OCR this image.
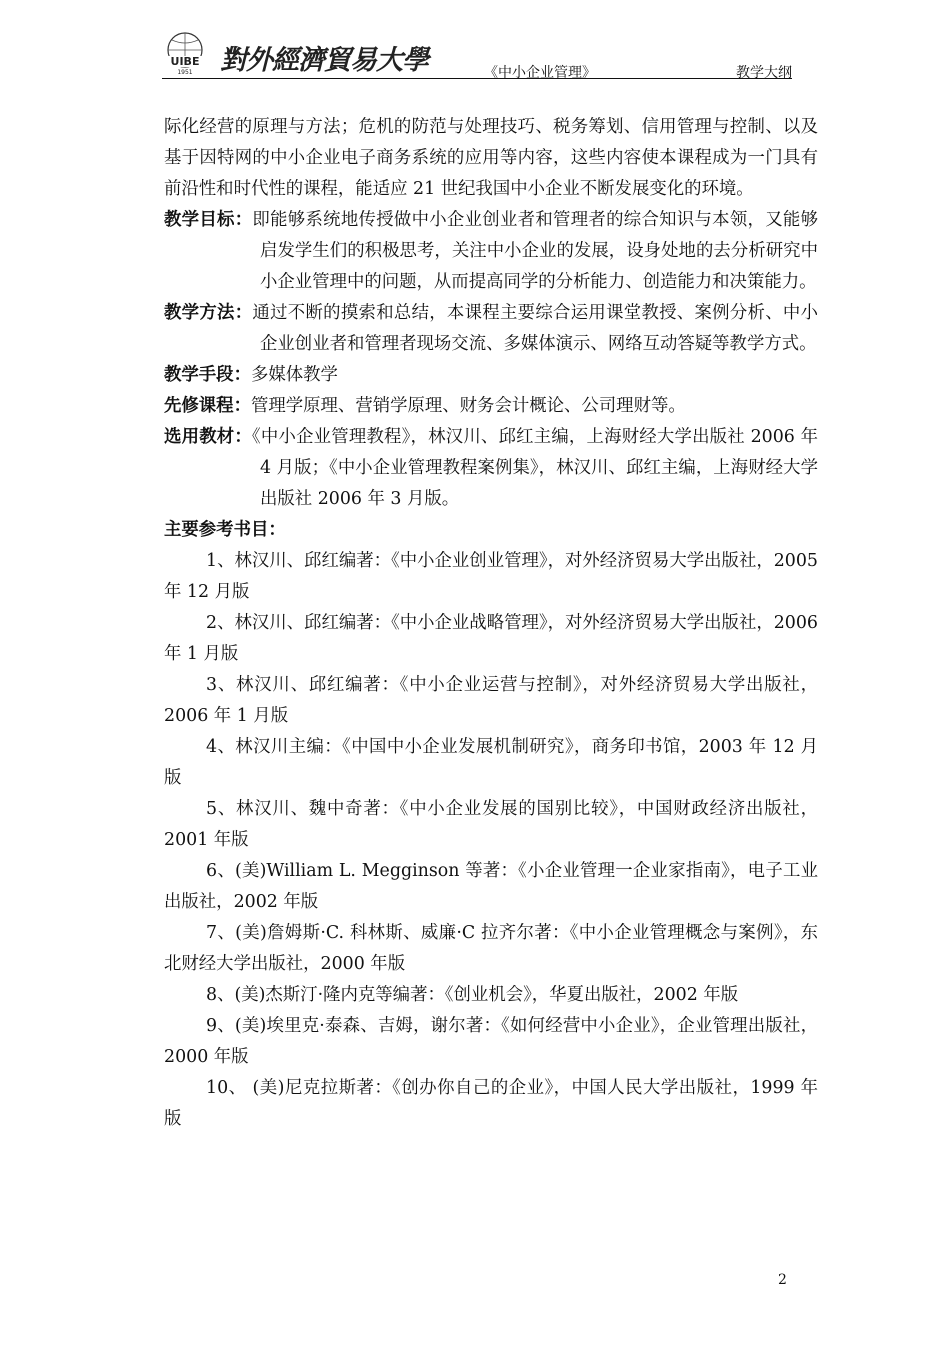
UIBE
1951 對外經濟貿易大學	《中小企业管理》	教学大纲

际化经营的原理与方法；危机的防范与处理技巧、税务筹划、信用管理与控制、以及基于因特网的中小企业电子商务系统的应用等内容，这些内容使本课程成为一门具有前沿性和时代性的课程，能适应 21 世纪我国中小企业不断发展变化的环境。

教学目标：即能够系统地传授做中小企业创业者和管理者的综合知识与本领，又能够启发学生们的积极思考，关注中小企业的发展，设身处地的去分析研究中小企业管理中的问题，从而提高同学的分析能力、创造能力和决策能力。

教学方法：通过不断的摸索和总结，本课程主要综合运用课堂教授、案例分析、中小企业创业者和管理者现场交流、多媒体演示、网络互动答疑等教学方式。

教学手段：多媒体教学

先修课程：管理学原理、营销学原理、财务会计概论、公司理财等。

选用教材：《中小企业管理教程》，林汉川、邱红主编，上海财经大学出版社 2006 年 4 月版；《中小企业管理教程案例集》，林汉川、邱红主编，上海财经大学出版社 2006 年 3 月版。

主要参考书目：

1、林汉川、邱红编著：《中小企业创业管理》，对外经济贸易大学出版社，2005 年 12 月版

2、林汉川、邱红编著：《中小企业战略管理》，对外经济贸易大学出版社，2006 年 1 月版

3、林汉川、邱红编著：《中小企业运营与控制》，对外经济贸易大学出版社，2006 年 1 月版

4、林汉川主编：《中国中小企业发展机制研究》，商务印书馆，2003 年 12 月版

5、林汉川、魏中奇著：《中小企业发展的国别比较》，中国财政经济出版社，2001 年版

6、(美)William L. Megginson 等著：《小企业管理一企业家指南》，电子工业出版社，2002 年版

7、(美)詹姆斯·C. 科林斯、威廉·C 拉齐尔著：《中小企业管理概念与案例》，东北财经大学出版社，2000 年版

8、(美)杰斯汀·隆内克等编著：《创业机会》，华夏出版社，2002 年版

9、(美)埃里克·泰森、吉姆，谢尔著：《如何经营中小企业》，企业管理出版社，2000 年版

10、 (美)尼克拉斯著：《创办你自己的企业》，中国人民大学出版社，1999 年版

2
